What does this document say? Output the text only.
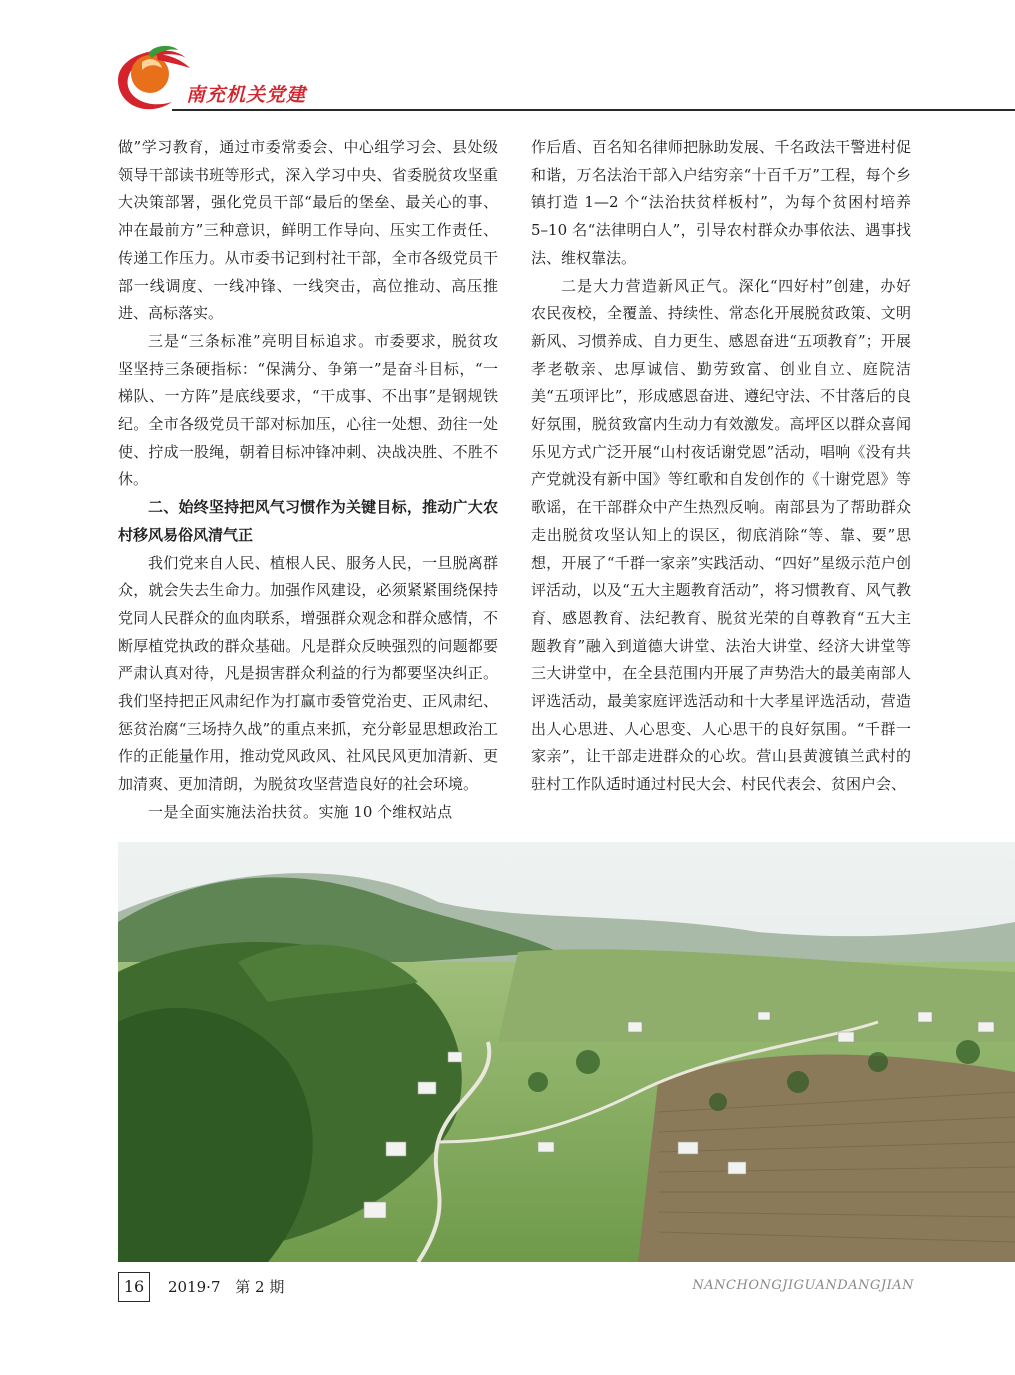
南充机关党建

做”学习教育，通过市委常委会、中心组学习会、县处级领导干部读书班等形式，深入学习中央、省委脱贫攻坚重大决策部署，强化党员干部“最后的堡垒、最关心的事、冲在最前方”三种意识，鲜明工作导向、压实工作责任、传递工作压力。从市委书记到村社干部，全市各级党员干部一线调度、一线冲锋、一线突击，高位推动、高压推进、高标落实。

三是“三条标准”亮明目标追求。市委要求，脱贫攻坚坚持三条硬指标：“保满分、争第一”是奋斗目标，“一梯队、一方阵”是底线要求，“干成事、不出事”是钢规铁纪。全市各级党员干部对标加压，心往一处想、劲往一处使、拧成一股绳，朝着目标冲锋冲刺、决战决胜、不胜不休。

二、始终坚持把风气习惯作为关键目标，推动广大农村移风易俗风清气正

我们党来自人民、植根人民、服务人民，一旦脱离群众，就会失去生命力。加强作风建设，必须紧紧围绕保持党同人民群众的血肉联系，增强群众观念和群众感情，不断厚植党执政的群众基础。凡是群众反映强烈的问题都要严肃认真对待，凡是损害群众利益的行为都要坚决纠正。我们坚持把正风肃纪作为打赢市委管党治吏、正风肃纪、惩贫治腐“三场持久战”的重点来抓，充分彰显思想政治工作的正能量作用，推动党风政风、社风民风更加清新、更加清爽、更加清朗，为脱贫攻坚营造良好的社会环境。

一是全面实施法治扶贫。实施 10 个维权站点

作后盾、百名知名律师把脉助发展、千名政法干警进村促和谐，万名法治干部入户结穷亲“十百千万”工程，每个乡镇打造 1—2 个“法治扶贫样板村”，为每个贫困村培养 5–10 名“法律明白人”，引导农村群众办事依法、遇事找法、维权靠法。

二是大力营造新风正气。深化“四好村”创建，办好农民夜校，全覆盖、持续性、常态化开展脱贫政策、文明新风、习惯养成、自力更生、感恩奋进“五项教育”；开展孝老敬亲、忠厚诚信、勤劳致富、创业自立、庭院洁美“五项评比”，形成感恩奋进、遵纪守法、不甘落后的良好氛围，脱贫致富内生动力有效激发。高坪区以群众喜闻乐见方式广泛开展“山村夜话谢党恩”活动，唱响《没有共产党就没有新中国》等红歌和自发创作的《十谢党恩》等歌谣，在干部群众中产生热烈反响。南部县为了帮助群众走出脱贫攻坚认知上的误区，彻底消除“等、靠、要”思想，开展了“千群一家亲”实践活动、“四好”星级示范户创评活动，以及“五大主题教育活动”，将习惯教育、风气教育、感恩教育、法纪教育、脱贫光荣的自尊教育“五大主题教育”融入到道德大讲堂、法治大讲堂、经济大讲堂等三大讲堂中，在全县范围内开展了声势浩大的最美南部人评选活动，最美家庭评选活动和十大孝星评选活动，营造出人心思进、人心思变、人心思干的良好氛围。“千群一家亲”，让干部走进群众的心坎。营山县黄渡镇兰武村的驻村工作队适时通过村民大会、村民代表会、贫困户会、

16	2019·7 第 2 期	NANCHONGJIGUANDANGJIAN
